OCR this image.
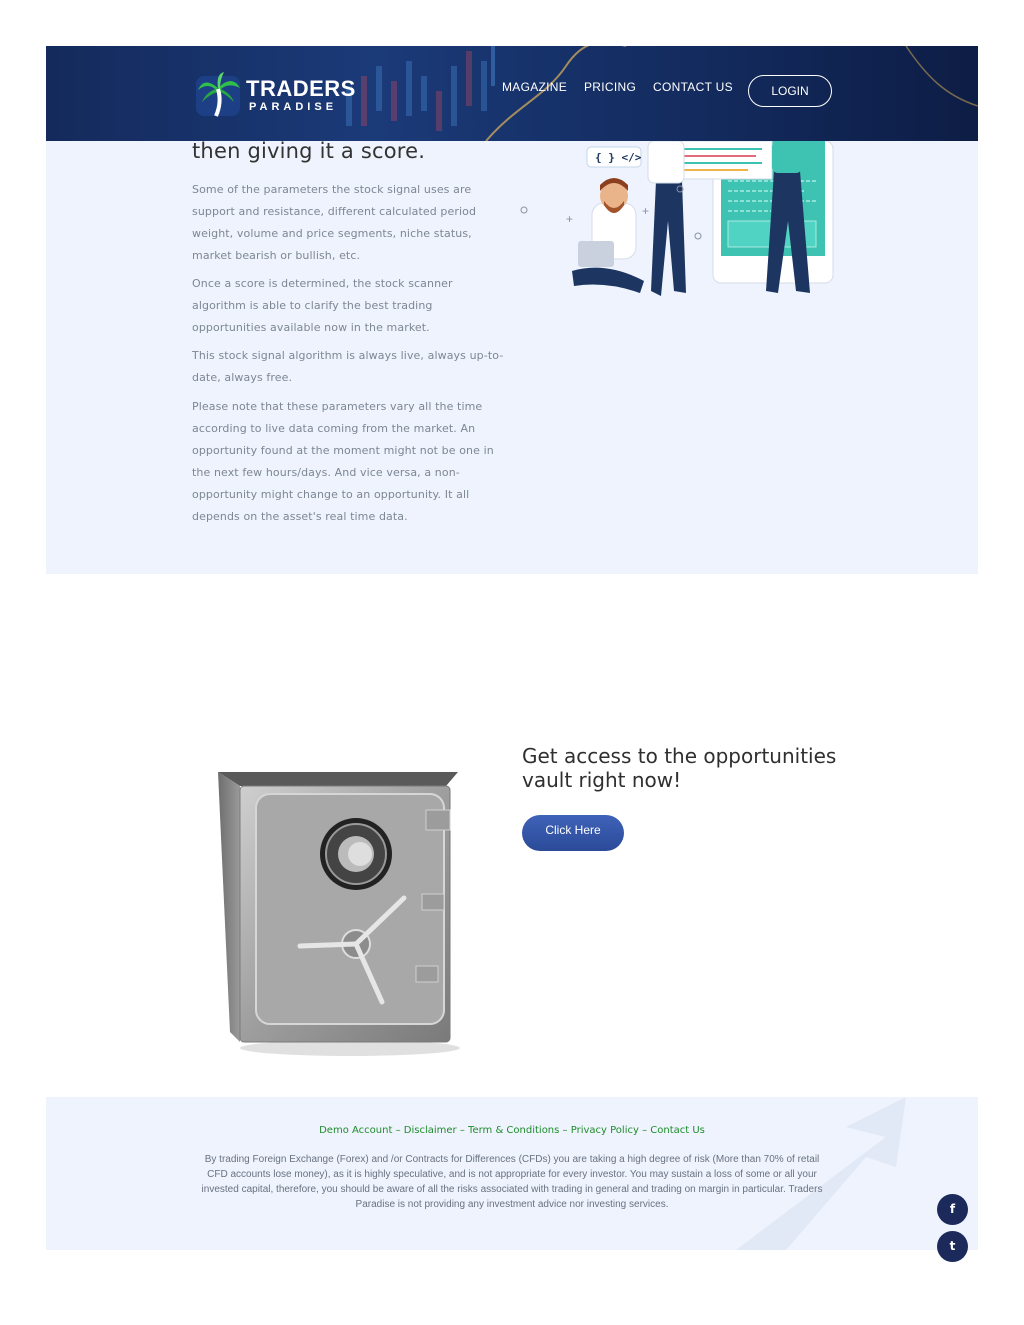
TRADERS
PARADISE
MAGAZINE PRICING CONTACT US	LOGIN
then giving it a score.

Some of the parameters the stock signal uses are support and resistance, different calculated period weight, volume and price segments, niche status, market bearish or bullish, etc.

Once a score is determined, the stock scanner algorithm is able to clarify the best trading opportunities available now in the market.

This stock signal algorithm is always live, always up-to-date, always free.

Please note that these parameters vary all the time according to live data coming from the market. An opportunity found at the moment might not be one in the next few hours/days. And vice versa, a non-opportunity might change to an opportunity. It all depends on the asset's real time data.

{ } </>
+
+
Get access to the opportunities vault right now!
Click Here
Demo Account – Disclaimer – Term & Conditions – Privacy Policy – Contact Us
By trading Foreign Exchange (Forex) and /or Contracts for Differences (CFDs) you are taking a high degree of risk (More than 70% of retail CFD accounts lose money), as it is highly speculative, and is not appropriate for every investor. You may sustain a loss of some or all your invested capital, therefore, you should be aware of all the risks associated with trading in general and trading on margin in particular. Traders Paradise is not providing any investment advice nor investing services.	f
t
